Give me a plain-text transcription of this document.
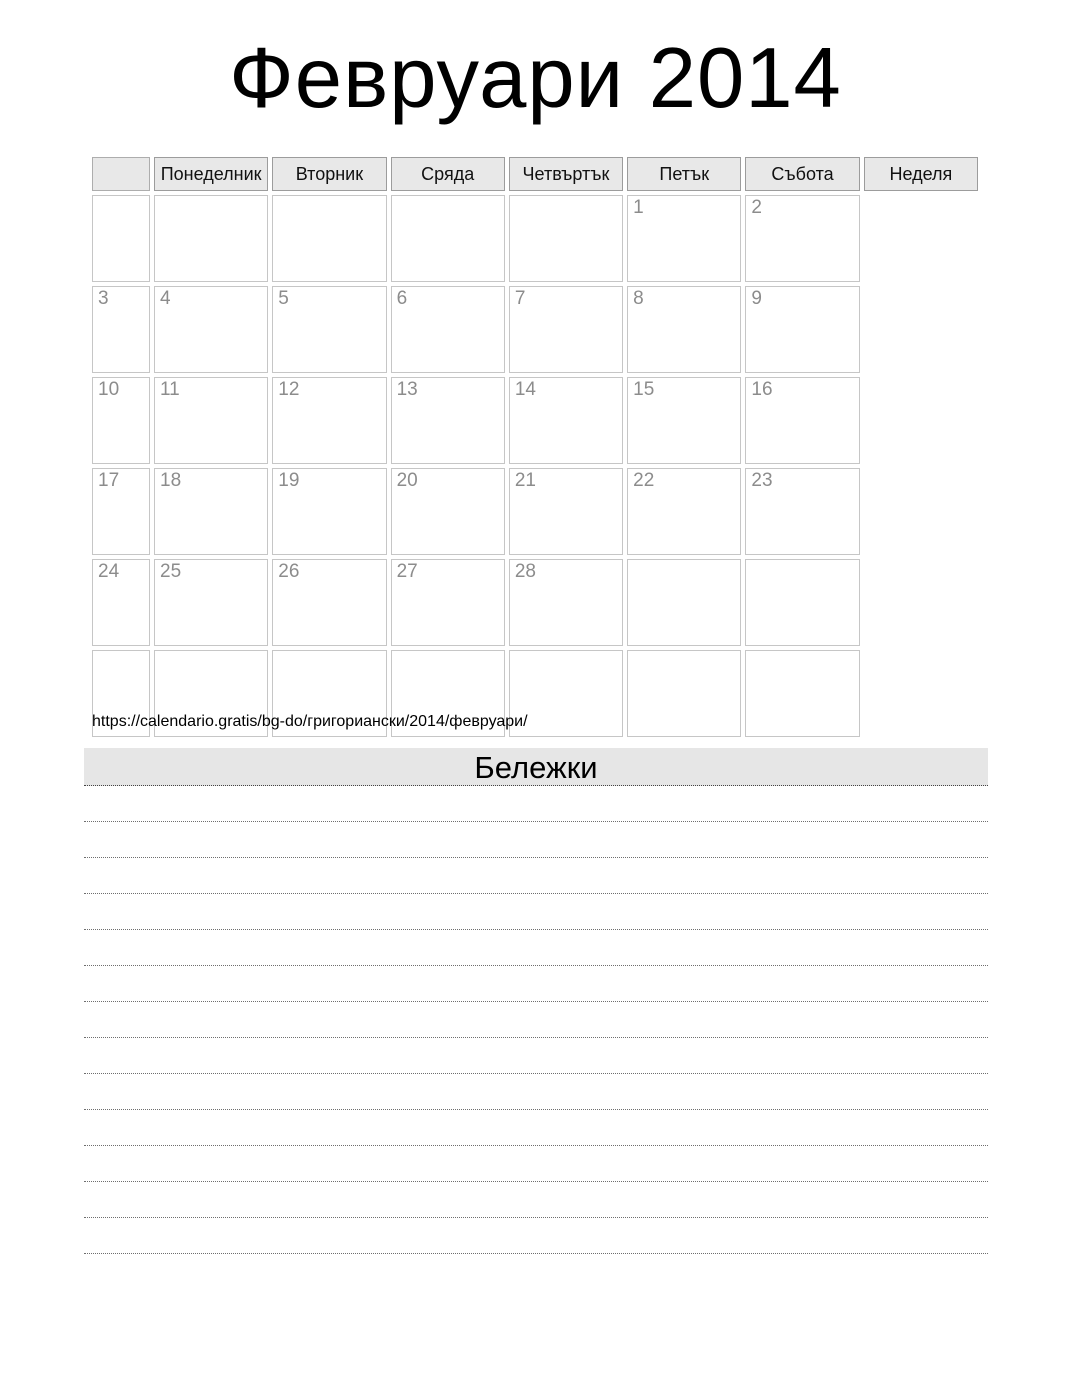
Февруари 2014
	Понеделник	Вторник	Сряда	Четвъртък	Петък	Събота	Неделя
					1	2	
3	4	5	6	7	8	9	
10	11	12	13	14	15	16	
17	18	19	20	21	22	23	
24	25	26	27	28			

https://calendario.gratis/bg-do/григориански/2014/февруари/
Бележки
